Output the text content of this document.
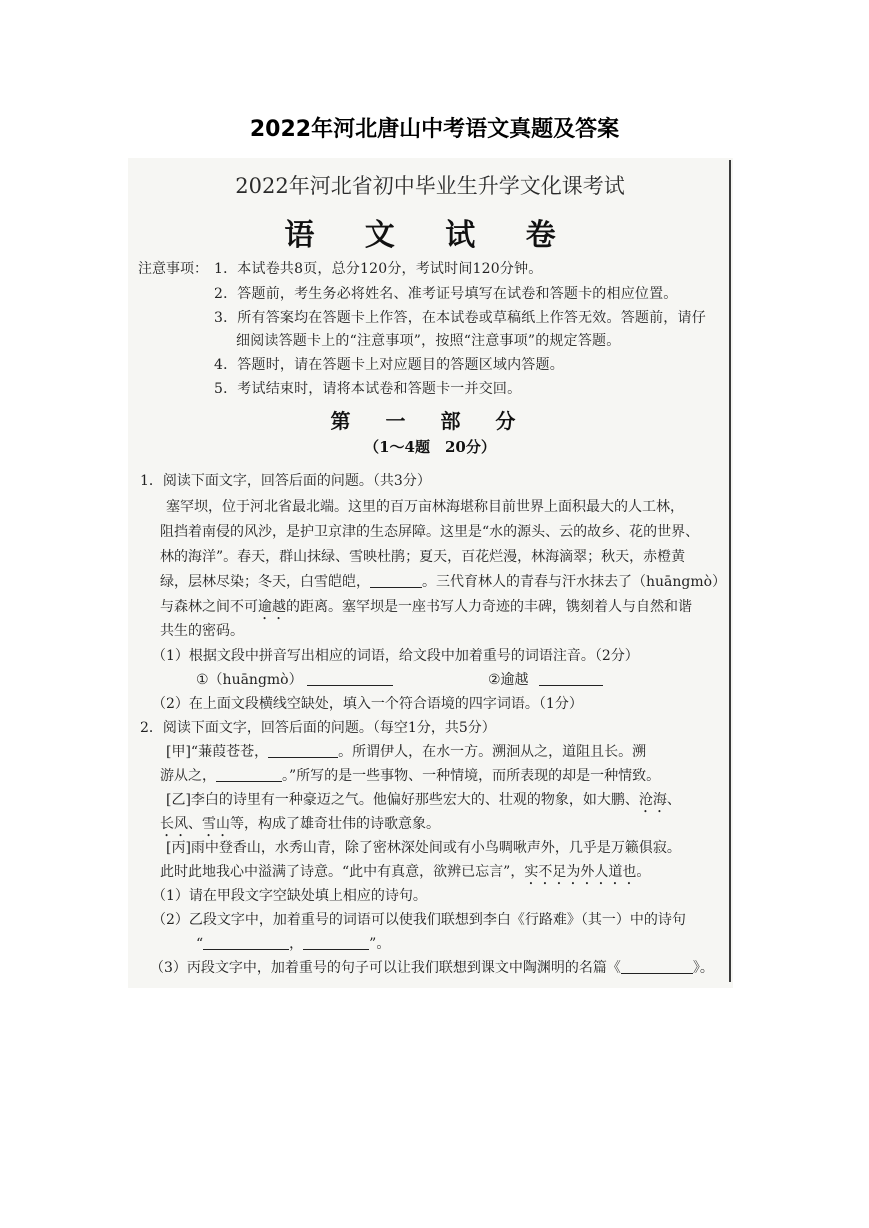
2022年河北唐山中考语文真题及答案
2022年河北省初中毕业生升学文化课考试
语 文 试 卷
注意事项： 1．本试卷共8页，总分120分，考试时间120分钟。
2．答题前，考生务必将姓名、准考证号填写在试卷和答题卡的相应位置。
3．所有答案均在答题卡上作答，在本试卷或草稿纸上作答无效。答题前，请仔
细阅读答题卡上的“注意事项”，按照“注意事项”的规定答题。
4．答题时，请在答题卡上对应题目的答题区域内答题。
5．考试结束时，请将本试卷和答题卡一并交回。
第 一 部 分
（1～4题　20分）
1．阅读下面文字，回答后面的问题。（共3分）
塞罕坝，位于河北省最北端。这里的百万亩林海堪称目前世界上面积最大的人工林，
阻挡着南侵的风沙，是护卫京津的生态屏障。这里是“水的源头、云的故乡、花的世界、
林的海洋”。春天，群山抹绿、雪映杜鹃；夏天，百花烂漫，林海滴翠；秋天，赤橙黄
绿，层林尽染；冬天，白雪皑皑，	。三代育林人的青春与汗水抹去了（huāngmò）
与森林之间不可逾越的距离。塞罕坝是一座书写人力奇迹的丰碑，镌刻着人与自然和谐
共生的密码。
（1）根据文段中拼音写出相应的词语，给文段中加着重号的词语注音。（2分）
①（huāngmò）	②逾越
（2）在上面文段横线空缺处，填入一个符合语境的四字词语。（1分）
2．阅读下面文字，回答后面的问题。（每空1分，共5分）
[甲]“蒹葭苍苍，	。所谓伊人，在水一方。溯洄从之，道阻且长。溯
游从之，	。”所写的是一些事物、一种情境，而所表现的却是一种情致。
[乙]李白的诗里有一种豪迈之气。他偏好那些宏大的、壮观的物象，如大鹏、沧海、
长风、雪山等，构成了雄奇壮伟的诗歌意象。
[丙]雨中登香山，水秀山青，除了密林深处间或有小鸟啁啾声外，几乎是万籁俱寂。
此时此地我心中溢满了诗意。“此中有真意，欲辨已忘言”，实不足为外人道也。
（1）请在甲段文字空缺处填上相应的诗句。
（2）乙段文字中，加着重号的词语可以使我们联想到李白《行路难》（其一）中的诗句
“	，	”。
（3）丙段文字中，加着重号的句子可以让我们联想到课文中陶渊明的名篇《	》。
